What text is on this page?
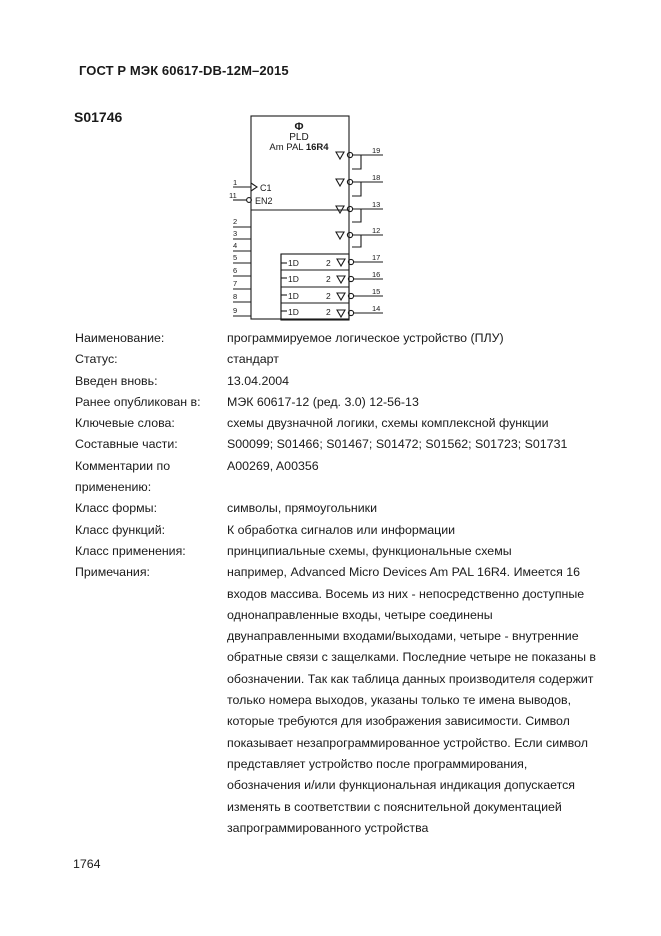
ГОСТ Р МЭК 60617-DB-12M–2015
S01746
Φ
PLD
Am PAL 16R4
C1
EN2
1
11
2
3
4
5
6
7
8
9
1D
1D
1D
1D
2
2
2
2
19
18
13
12
17
16
15
14
Наименование:	программируемое логическое устройство (ПЛУ)
Статус:	стандарт
Введен вновь:	13.04.2004
Ранее опубликован в:	МЭК 60617-12 (ред. 3.0) 12-56-13
Ключевые слова:	схемы двузначной логики, схемы комплексной функции
Составные части:	S00099; S01466; S01467; S01472; S01562; S01723; S01731
Комментарии по применению:
A00269, A00356
Класс формы:	символы, прямоугольники
Класс функций:	К обработка сигналов или информации
Класс применения:	принципиальные схемы, функциональные схемы
Примечания:	например, Advanced Micro Devices Am PAL 16R4. Имеется 16
входов массива. Восемь из них - непосредственно доступные
однонаправленные входы, четыре соединены
двунаправленными входами/выходами, четыре - внутренние
обратные связи с защелками. Последние четыре не показаны в
обозначении. Так как таблица данных производителя содержит
только номера выходов, указаны только те имена выводов,
которые требуются для изображения зависимости. Символ
показывает незапрограммированное устройство. Если символ
представляет устройство после программирования,
обозначения и/или функциональная индикация допускается
изменять в соответствии с пояснительной документацией
запрограммированного устройства
1764
